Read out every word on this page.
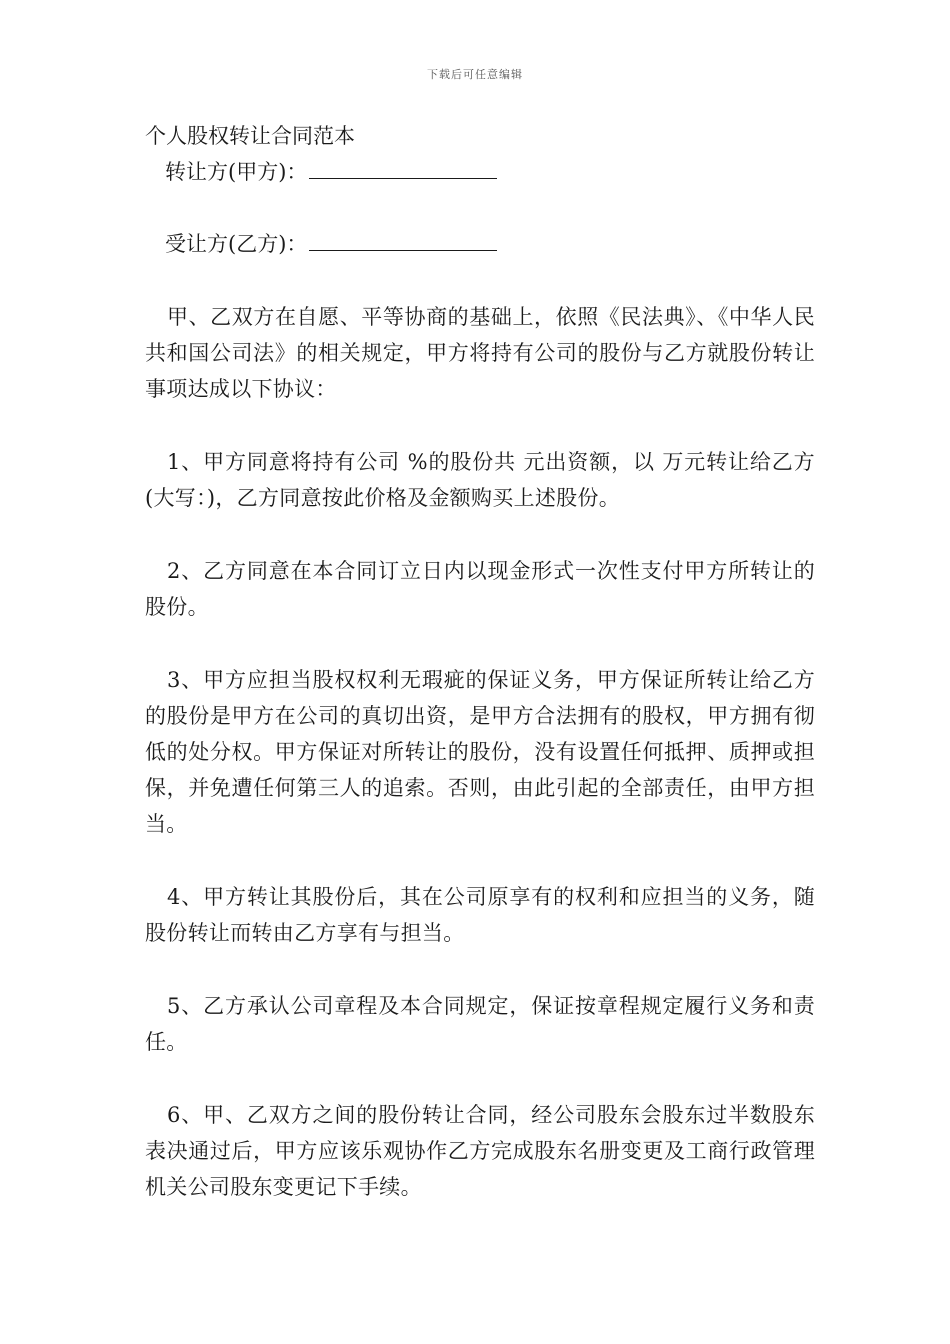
下载后可任意编辑
个人股权转让合同范本
转让方(甲方)：
受让方(乙方)：

甲、乙双方在自愿、平等协商的基础上，依照《民法典》、《中华人民共和国公司法》的相关规定，甲方将持有公司的股份与乙方就股份转让事项达成以下协议：

1、甲方同意将持有公司 %的股份共 元出资额，以 万元转让给乙方(大写：)，乙方同意按此价格及金额购买上述股份。

2、乙方同意在本合同订立日内以现金形式一次性支付甲方所转让的股份。

3、甲方应担当股权权利无瑕疵的保证义务，甲方保证所转让给乙方的股份是甲方在公司的真切出资，是甲方合法拥有的股权，甲方拥有彻低的处分权。甲方保证对所转让的股份，没有设置任何抵押、质押或担保，并免遭任何第三人的追索。否则，由此引起的全部责任，由甲方担当。

4、甲方转让其股份后，其在公司原享有的权利和应担当的义务，随股份转让而转由乙方享有与担当。

5、乙方承认公司章程及本合同规定，保证按章程规定履行义务和责任。

6、甲、乙双方之间的股份转让合同，经公司股东会股东过半数股东表决通过后，甲方应该乐观协作乙方完成股东名册变更及工商行政管理机关公司股东变更记下手续。
